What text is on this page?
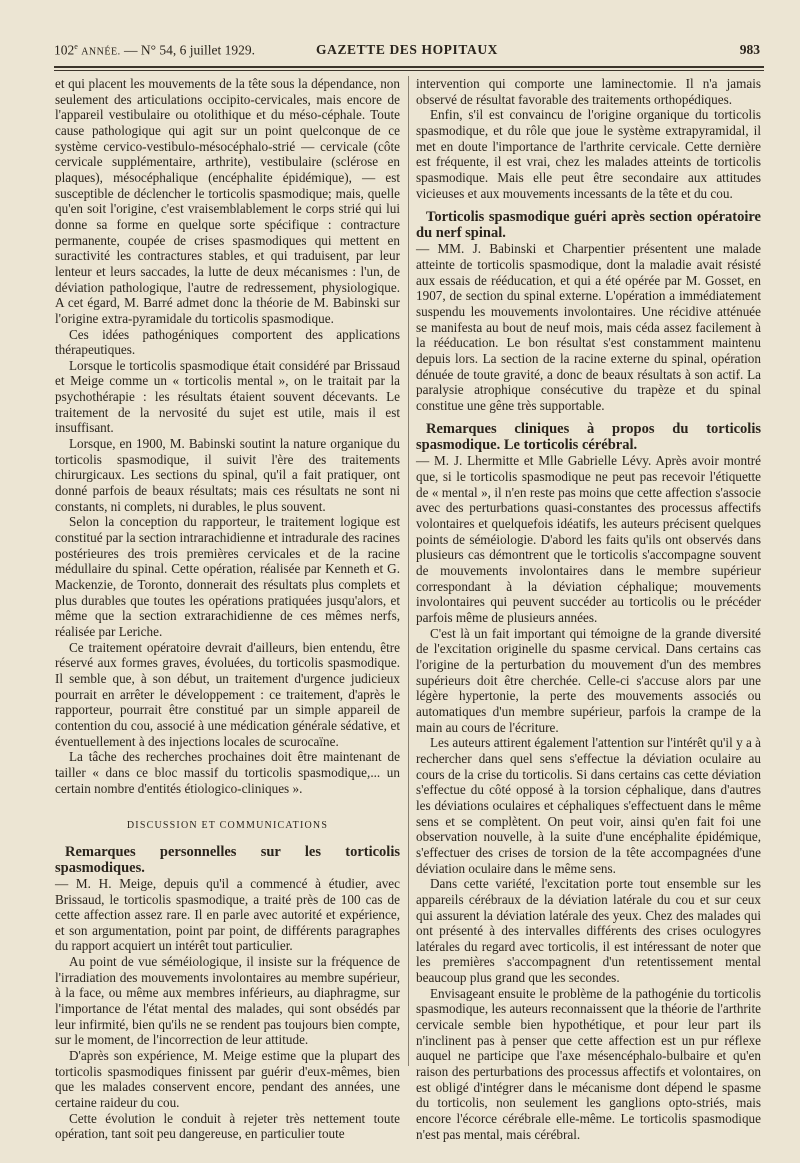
102e ANNÉE. — N° 54, 6 juillet 1929.	GAZETTE DES HOPITAUX	983

et qui placent les mouvements de la tête sous la dépendance, non seulement des articulations occipito-cervicales, mais encore de l'appareil vestibulaire ou otolithique et du méso-céphale. Toute cause pathologique qui agit sur un point quelconque de ce système cervico-vestibulo-mésocéphalo-strié — cervicale (côte cervicale supplémentaire, arthrite), vestibulaire (sclérose en plaques), mésocéphalique (encéphalite épidémique), — est susceptible de déclencher le torticolis spasmodique; mais, quelle qu'en soit l'origine, c'est vraisemblablement le corps strié qui lui donne sa forme en quelque sorte spécifique : contracture permanente, coupée de crises spasmodiques qui mettent en suractivité les contractures stables, et qui traduisent, par leur lenteur et leurs saccades, la lutte de deux mécanismes : l'un, de déviation pathologique, l'autre de redressement, physiologique. A cet égard, M. Barré admet donc la théorie de M. Babinski sur l'origine extra-pyramidale du torticolis spasmodique.

Ces idées pathogéniques comportent des applications thérapeutiques.

Lorsque le torticolis spasmodique était considéré par Brissaud et Meige comme un « torticolis mental », on le traitait par la psychothérapie : les résultats étaient souvent décevants. Le traitement de la nervosité du sujet est utile, mais il est insuffisant.

Lorsque, en 1900, M. Babinski soutint la nature organique du torticolis spasmodique, il suivit l'ère des traitements chirurgicaux. Les sections du spinal, qu'il a fait pratiquer, ont donné parfois de beaux résultats; mais ces résultats ne sont ni constants, ni complets, ni durables, le plus souvent.

Selon la conception du rapporteur, le traitement logique est constitué par la section intrarachidienne et intradurale des racines postérieures des trois premières cervicales et de la racine médullaire du spinal. Cette opération, réalisée par Kenneth et G. Mackenzie, de Toronto, donnerait des résultats plus complets et plus durables que toutes les opérations pratiquées jusqu'alors, et même que la section extrarachidienne de ces mêmes nerfs, réalisée par Leriche.

Ce traitement opératoire devrait d'ailleurs, bien entendu, être réservé aux formes graves, évoluées, du torticolis spasmodique. Il semble que, à son début, un traitement d'urgence judicieux pourrait en arrêter le développement : ce traitement, d'après le rapporteur, pourrait être constitué par un simple appareil de contention du cou, associé à une médication générale sédative, et éventuellement à des injections locales de scurocaïne.

La tâche des recherches prochaines doit être maintenant de tailler « dans ce bloc massif du torticolis spasmodique,... un certain nombre d'entités étiologico-cliniques ».

DISCUSSION ET COMMUNICATIONS
Remarques personnelles sur les torticolis spasmodiques.

— M. H. Meige, depuis qu'il a commencé à étudier, avec Brissaud, le torticolis spasmodique, a traité près de 100 cas de cette affection assez rare. Il en parle avec autorité et expérience, et son argumentation, point par point, de différents paragraphes du rapport acquiert un intérêt tout particulier.

Au point de vue séméiologique, il insiste sur la fréquence de l'irradiation des mouvements involontaires au membre supérieur, à la face, ou même aux membres inférieurs, au diaphragme, sur l'importance de l'état mental des malades, qui sont obsédés par leur infirmité, bien qu'ils ne se rendent pas toujours bien compte, sur le moment, de l'incorrection de leur attitude.

D'après son expérience, M. Meige estime que la plupart des torticolis spasmodiques finissent par guérir d'eux-mêmes, bien que les malades conservent encore, pendant des années, une certaine raideur du cou.

Cette évolution le conduit à rejeter très nettement toute opération, tant soit peu dangereuse, en particulier toute

intervention qui comporte une laminectomie. Il n'a jamais observé de résultat favorable des traitements orthopédiques.

Enfin, s'il est convaincu de l'origine organique du torticolis spasmodique, et du rôle que joue le système extrapyramidal, il met en doute l'importance de l'arthrite cervicale. Cette dernière est fréquente, il est vrai, chez les malades atteints de torticolis spasmodique. Mais elle peut être secondaire aux attitudes vicieuses et aux mouvements incessants de la tête et du cou.

Torticolis spasmodique guéri après section opératoire du nerf spinal.

— MM. J. Babinski et Charpentier présentent une malade atteinte de torticolis spasmodique, dont la maladie avait résisté aux essais de rééducation, et qui a été opérée par M. Gosset, en 1907, de section du spinal externe. L'opération a immédiatement suspendu les mouvements involontaires. Une récidive atténuée se manifesta au bout de neuf mois, mais céda assez facilement à la rééducation. Le bon résultat s'est constamment maintenu depuis lors. La section de la racine externe du spinal, opération dénuée de toute gravité, a donc de beaux résultats à son actif. La paralysie atrophique consécutive du trapèze et du spinal constitue une gêne très supportable.

Remarques cliniques à propos du torticolis spasmodique. Le torticolis cérébral.

— M. J. Lhermitte et Mlle Gabrielle Lévy. Après avoir montré que, si le torticolis spasmodique ne peut pas recevoir l'étiquette de « mental », il n'en reste pas moins que cette affection s'associe avec des perturbations quasi-constantes des processus affectifs volontaires et quelquefois idéatifs, les auteurs précisent quelques points de séméiologie. D'abord les faits qu'ils ont observés dans plusieurs cas démontrent que le torticolis s'accompagne souvent de mouvements involontaires dans le membre supérieur correspondant à la déviation céphalique; mouvements involontaires qui peuvent succéder au torticolis ou le précéder parfois même de plusieurs années.

C'est là un fait important qui témoigne de la grande diversité de l'excitation originelle du spasme cervical. Dans certains cas l'origine de la perturbation du mouvement d'un des membres supérieurs doit être cherchée. Celle-ci s'accuse alors par une légère hypertonie, la perte des mouvements associés ou automatiques d'un membre supérieur, parfois la crampe de la main au cours de l'écriture.

Les auteurs attirent également l'attention sur l'intérêt qu'il y a à rechercher dans quel sens s'effectue la déviation oculaire au cours de la crise du torticolis. Si dans certains cas cette déviation s'effectue du côté opposé à la torsion céphalique, dans d'autres les déviations oculaires et céphaliques s'effectuent dans le même sens et se complètent. On peut voir, ainsi qu'en fait foi une observation nouvelle, à la suite d'une encéphalite épidémique, s'effectuer des crises de torsion de la tête accompagnées d'une déviation oculaire dans le même sens.

Dans cette variété, l'excitation porte tout ensemble sur les appareils cérébraux de la déviation latérale du cou et sur ceux qui assurent la déviation latérale des yeux. Chez des malades qui ont présenté à des intervalles différents des crises oculogyres latérales du regard avec torticolis, il est intéressant de noter que les premières s'accompagnent d'un retentissement mental beaucoup plus grand que les secondes.

Envisageant ensuite le problème de la pathogénie du torticolis spasmodique, les auteurs reconnaissent que la théorie de l'arthrite cervicale semble bien hypothétique, et pour leur part ils n'inclinent pas à penser que cette affection est un pur réflexe auquel ne participe que l'axe mésencéphalo-bulbaire et qu'en raison des perturbations des processus affectifs et volontaires, on est obligé d'intégrer dans le mécanisme dont dépend le spasme du torticolis, non seulement les ganglions opto-striés, mais encore l'écorce cérébrale elle-même. Le torticolis spasmodique n'est pas mental, mais cérébral.
